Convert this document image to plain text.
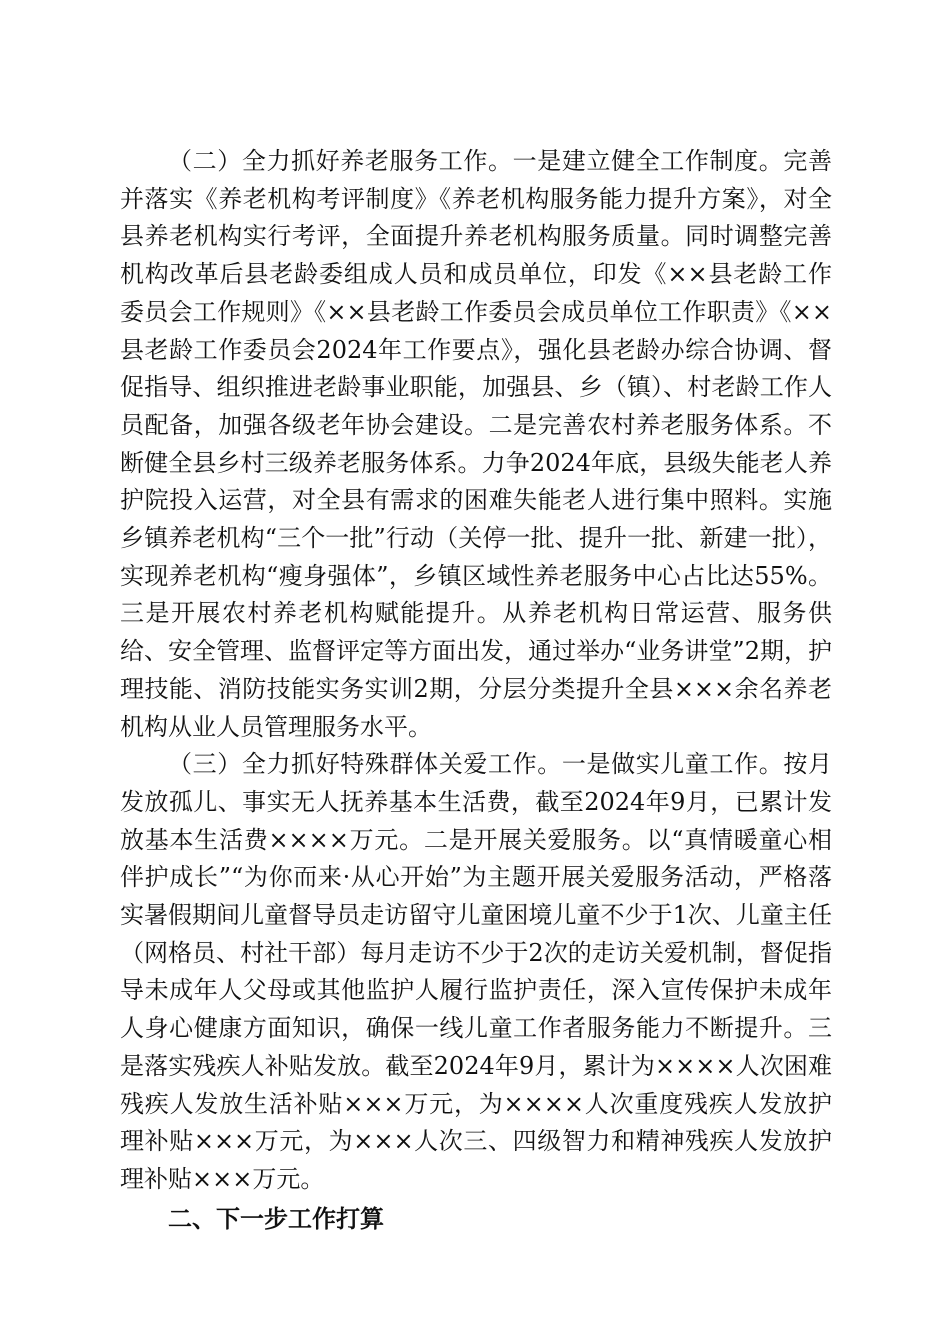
（二）全力抓好养老服务工作。一是建立健全工作制度。完善并落实《养老机构考评制度》《养老机构服务能力提升方案》，对全县养老机构实行考评，全面提升养老机构服务质量。同时调整完善机构改革后县老龄委组成人员和成员单位，印发《××县老龄工作委员会工作规则》《××县老龄工作委员会成员单位工作职责》《××县老龄工作委员会2024年工作要点》，强化县老龄办综合协调、督促指导、组织推进老龄事业职能，加强县、乡（镇）、村老龄工作人员配备，加强各级老年协会建设。二是完善农村养老服务体系。不断健全县乡村三级养老服务体系。力争2024年底，县级失能老人养护院投入运营，对全县有需求的困难失能老人进行集中照料。实施乡镇养老机构“三个一批”行动（关停一批、提升一批、新建一批），实现养老机构“瘦身强体”，乡镇区域性养老服务中心占比达55%。三是开展农村养老机构赋能提升。从养老机构日常运营、服务供给、安全管理、监督评定等方面出发，通过举办“业务讲堂”2期，护理技能、消防技能实务实训2期，分层分类提升全县×××余名养老机构从业人员管理服务水平。

（三）全力抓好特殊群体关爱工作。一是做实儿童工作。按月发放孤儿、事实无人抚养基本生活费，截至2024年9月，已累计发放基本生活费××××万元。二是开展关爱服务。以“真情暖童心相伴护成长”“为你而来·从心开始”为主题开展关爱服务活动，严格落实暑假期间儿童督导员走访留守儿童困境儿童不少于1次、儿童主任（网格员、村社干部）每月走访不少于2次的走访关爱机制，督促指导未成年人父母或其他监护人履行监护责任，深入宣传保护未成年人身心健康方面知识，确保一线儿童工作者服务能力不断提升。三是落实残疾人补贴发放。截至2024年9月，累计为××××人次困难残疾人发放生活补贴×××万元，为××××人次重度残疾人发放护理补贴×××万元，为×××人次三、四级智力和精神残疾人发放护理补贴×××万元。

二、下一步工作打算
